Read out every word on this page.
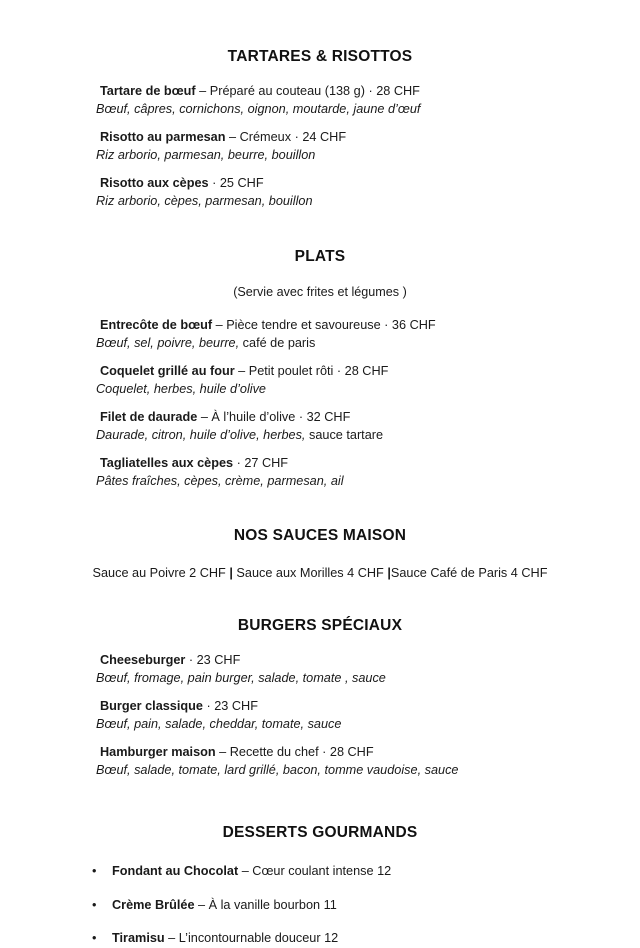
TARTARES & RISOTTOS
Tartare de bœuf – Préparé au couteau (138 g) · 28 CHF
Bœuf, câpres, cornichons, oignon, moutarde, jaune d’œuf
Risotto au parmesan – Crémeux · 24 CHF
Riz arborio, parmesan, beurre, bouillon
Risotto aux cèpes · 25 CHF
Riz arborio, cèpes, parmesan, bouillon
PLATS

(Servie avec frites et légumes )

Entrecôte de bœuf – Pièce tendre et savoureuse · 36 CHF
Bœuf, sel, poivre, beurre, café de paris
Coquelet grillé au four – Petit poulet rôti · 28 CHF
Coquelet, herbes, huile d’olive
Filet de daurade – À l’huile d’olive · 32 CHF
Daurade, citron, huile d’olive, herbes, sauce tartare
Tagliatelles aux cèpes · 27 CHF
Pâtes fraîches, cèpes, crème, parmesan, ail
NOS SAUCES MAISON

Sauce au Poivre 2 CHF | Sauce aux Morilles 4 CHF |Sauce Café de Paris 4 CHF

BURGERS SPÉCIAUX
Cheeseburger · 23 CHF
Bœuf, fromage, pain burger, salade, tomate , sauce
Burger classique · 23 CHF
Bœuf, pain, salade, cheddar, tomate, sauce
Hamburger maison – Recette du chef · 28 CHF
Bœuf, salade, tomate, lard grillé, bacon, tomme vaudoise, sauce
DESSERTS GOURMANDS
• Fondant au Chocolat – Cœur coulant intense 12
• Crème Brûlée – À la vanille bourbon 11
• Tiramisu – L’incontournable douceur 12
